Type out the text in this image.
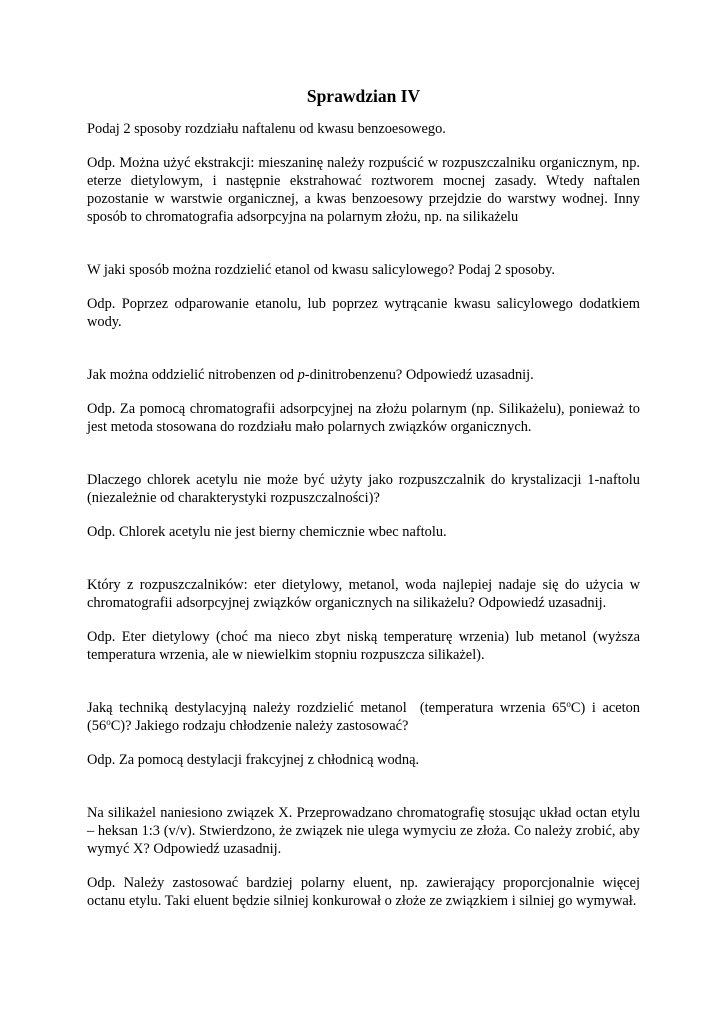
Sprawdzian IV

Podaj 2 sposoby rozdziału naftalenu od kwasu benzoesowego.

Odp. Można użyć ekstrakcji: mieszaninę należy rozpuścić w rozpuszczalniku organicznym, np. eterze dietylowym, i następnie ekstrahować roztworem mocnej zasady. Wtedy naftalen pozostanie w warstwie organicznej, a kwas benzoesowy przejdzie do warstwy wodnej. Inny sposób to chromatografia adsorpcyjna na polarnym złożu, np. na silikażelu

W jaki sposób można rozdzielić etanol od kwasu salicylowego? Podaj 2 sposoby.

Odp. Poprzez odparowanie etanolu, lub poprzez wytrącanie kwasu salicylowego dodatkiem wody.

Jak można oddzielić nitrobenzen od p-dinitrobenzenu? Odpowiedź uzasadnij.

Odp. Za pomocą chromatografii adsorpcyjnej na złożu polarnym (np. Silikażelu), ponieważ to jest metoda stosowana do rozdziału mało polarnych związków organicznych.

Dlaczego chlorek acetylu nie może być użyty jako rozpuszczalnik do krystalizacji 1-naftolu (niezależnie od charakterystyki rozpuszczalności)?

Odp. Chlorek acetylu nie jest bierny chemicznie wbec naftolu.

Który z rozpuszczalników: eter dietylowy, metanol, woda najlepiej nadaje się do użycia w chromatografii adsorpcyjnej związków organicznych na silikażelu? Odpowiedź uzasadnij.

Odp. Eter dietylowy (choć ma nieco zbyt niską temperaturę wrzenia) lub metanol (wyższa temperatura wrzenia, ale w niewielkim stopniu rozpuszcza silikażel).

Jaką techniką destylacyjną należy rozdzielić metanol  (temperatura wrzenia 65$^o$C) i aceton (56$^o$C)? Jakiego rodzaju chłodzenie należy zastosować?

Odp. Za pomocą destylacji frakcyjnej z chłodnicą wodną.

Na silikażel naniesiono związek X. Przeprowadzano chromatografię stosując układ octan etylu – heksan 1:3 (v/v). Stwierdzono, że związek nie ulega wymyciu ze złoża. Co należy zrobić, aby wymyć X? Odpowiedź uzasadnij.

Odp. Należy zastosować bardziej polarny eluent, np. zawierający proporcjonalnie więcej octanu etylu. Taki eluent będzie silniej konkurował o złoże ze związkiem i silniej go wymywał.
